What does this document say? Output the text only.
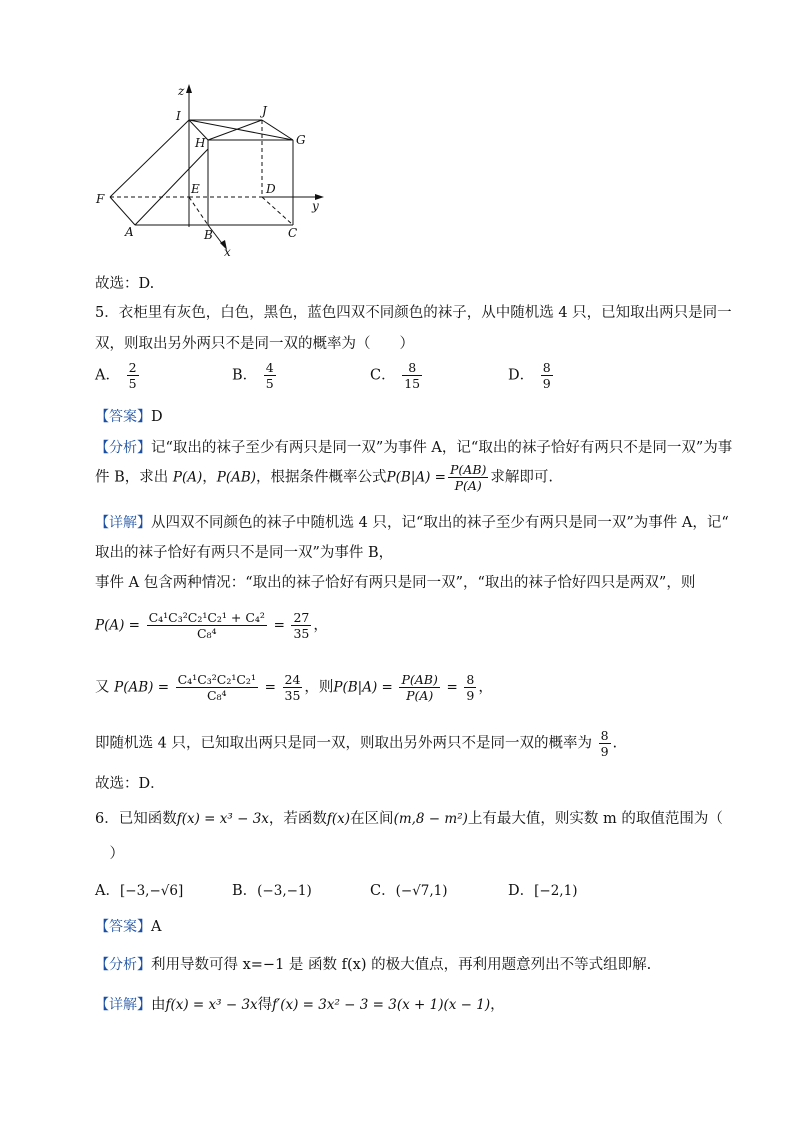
z
I	J
H	G
E	D
F	y
A	B	C
x
故选：D.
5．衣柜里有灰色，白色，黑色，蓝色四双不同颜色的袜子，从中随机选 4 只，已知取出两只是同一
双，则取出另外两只不是同一双的概率为（　　）
A． $\frac{2}{5}$	B． $\frac{4}{5}$	C． $\frac{8}{15}$	D． $\frac{8}{9}$
【答案】D
【分析】记“取出的袜子至少有两只是同一双”为事件 A，记“取出的袜子恰好有两只不是同一双”为事
件 B，求出 P(A)，P(AB)，根据条件概率公式$P(B|A) = \frac{P(AB)}{P(A)}$ 求解即可.
【详解】从四双不同颜色的袜子中随机选 4 只，记“取出的袜子至少有两只是同一双”为事件 A，记“
取出的袜子恰好有两只不是同一双”为事件 B，
事件 A 包含两种情况：“取出的袜子恰好有两只是同一双”，“取出的袜子恰好四只是两双”，则
$P(A) = \frac{\text{C₄¹C₃²C₂¹C₂¹ + C₄²}}{\text{C₈⁴}} = \frac{27}{35}$ ，
又 $P(AB) = \frac{\text{C₄¹C₃²C₂¹C₂¹}}{\text{C₈⁴}} = \frac{24}{35}$ ，则$P(B|A) = \frac{P(AB)}{P(A)} = \frac{8}{9}$ ，
即随机选 4 只，已知取出两只是同一双，则取出另外两只不是同一双的概率为 $\frac{8}{9}$ .
故选：D．
6．已知函数f(x) = x³ − 3x，若函数f(x)在区间(m,8 − m²)上有最大值，则实数 m 的取值范围为（
　）
A．[−3,−√6]	B．(−3,−1)	C．(−√7,1)	D．[−2,1)
【答案】A
【分析】利用导数可得 x=−1 是 函数 f(x) 的极大值点，再利用题意列出不等式组即解.
【详解】由f(x) = x³ − 3x得f′(x) = 3x² − 3 = 3(x + 1)(x − 1)，
